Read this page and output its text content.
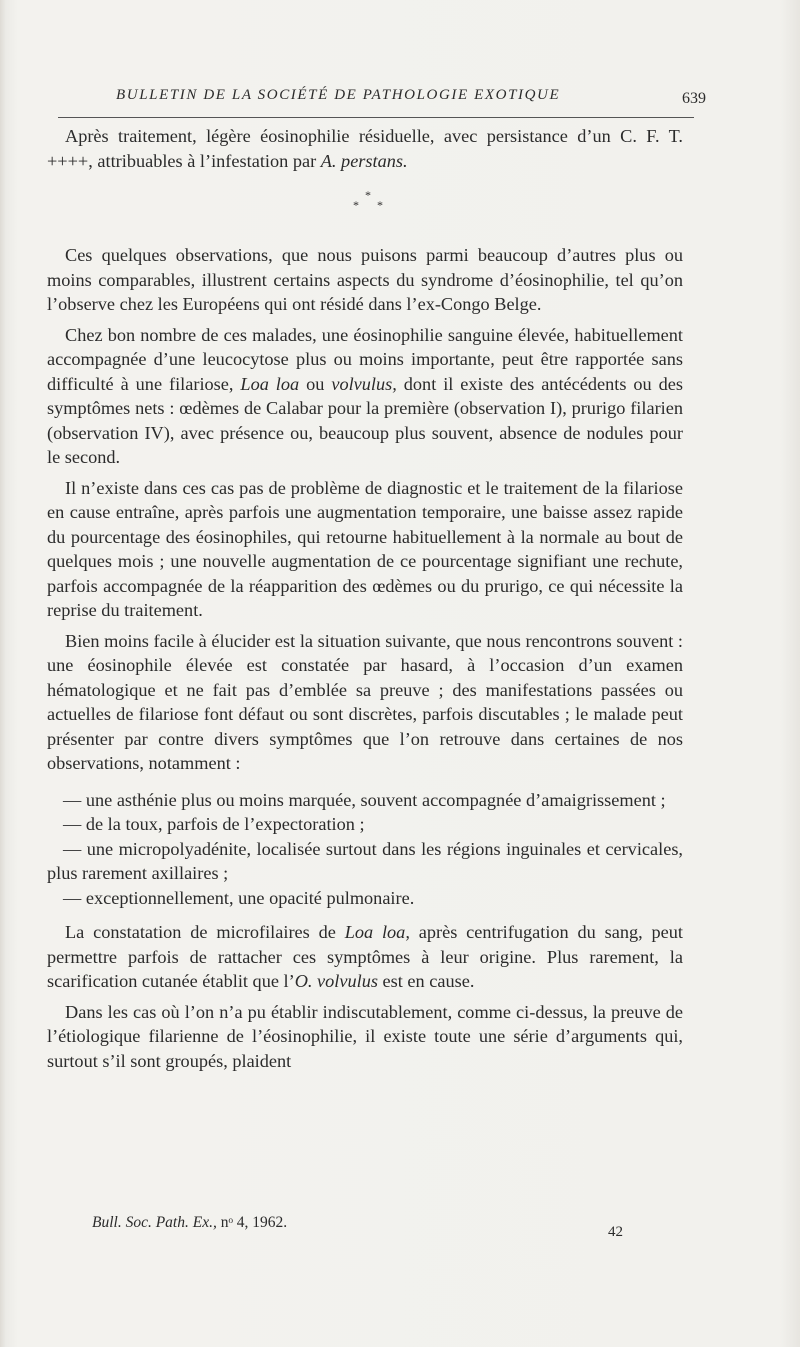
BULLETIN DE LA SOCIÉTÉ DE PATHOLOGIE EXOTIQUE	639

Après traitement, légère éosinophilie résiduelle, avec persistance d’un C. F. T. ++++, attribuables à l’infestation par A. perstans.

*
* *

Ces quelques observations, que nous puisons parmi beaucoup d’autres plus ou moins comparables, illustrent certains aspects du syndrome d’éosinophilie, tel qu’on l’observe chez les Européens qui ont résidé dans l’ex-Congo Belge.

Chez bon nombre de ces malades, une éosinophilie sanguine élevée, habituellement accompagnée d’une leucocytose plus ou moins importante, peut être rapportée sans difficulté à une filariose, Loa loa ou volvulus, dont il existe des antécédents ou des symptômes nets : œdèmes de Calabar pour la première (observation I), prurigo filarien (observation IV), avec présence ou, beaucoup plus souvent, absence de nodules pour le second.

Il n’existe dans ces cas pas de problème de diagnostic et le traitement de la filariose en cause entraîne, après parfois une augmentation temporaire, une baisse assez rapide du pourcentage des éosinophiles, qui retourne habituellement à la normale au bout de quelques mois ; une nouvelle augmentation de ce pourcentage signifiant une rechute, parfois accompagnée de la réapparition des œdèmes ou du prurigo, ce qui nécessite la reprise du traitement.

Bien moins facile à élucider est la situation suivante, que nous rencontrons souvent : une éosinophile élevée est constatée par hasard, à l’occasion d’un examen hématologique et ne fait pas d’emblée sa preuve ; des manifestations passées ou actuelles de filariose font défaut ou sont discrètes, parfois discutables ; le malade peut présenter par contre divers symptômes que l’on retrouve dans certaines de nos observations, notamment :

— une asthénie plus ou moins marquée, souvent accompagnée d’amaigrissement ;

— de la toux, parfois de l’expectoration ;

— une micropolyadénite, localisée surtout dans les régions inguinales et cervicales, plus rarement axillaires ;

— exceptionnellement, une opacité pulmonaire.

La constatation de microfilaires de Loa loa, après centrifugation du sang, peut permettre parfois de rattacher ces symptômes à leur origine. Plus rarement, la scarification cutanée établit que l’O. volvulus est en cause.

Dans les cas où l’on n’a pu établir indiscutablement, comme ci-dessus, la preuve de l’étiologique filarienne de l’éosinophilie, il existe toute une série d’arguments qui, surtout s’il sont groupés, plaident

Bull. Soc. Path. Ex., nᵒ 4, 1962.
42
